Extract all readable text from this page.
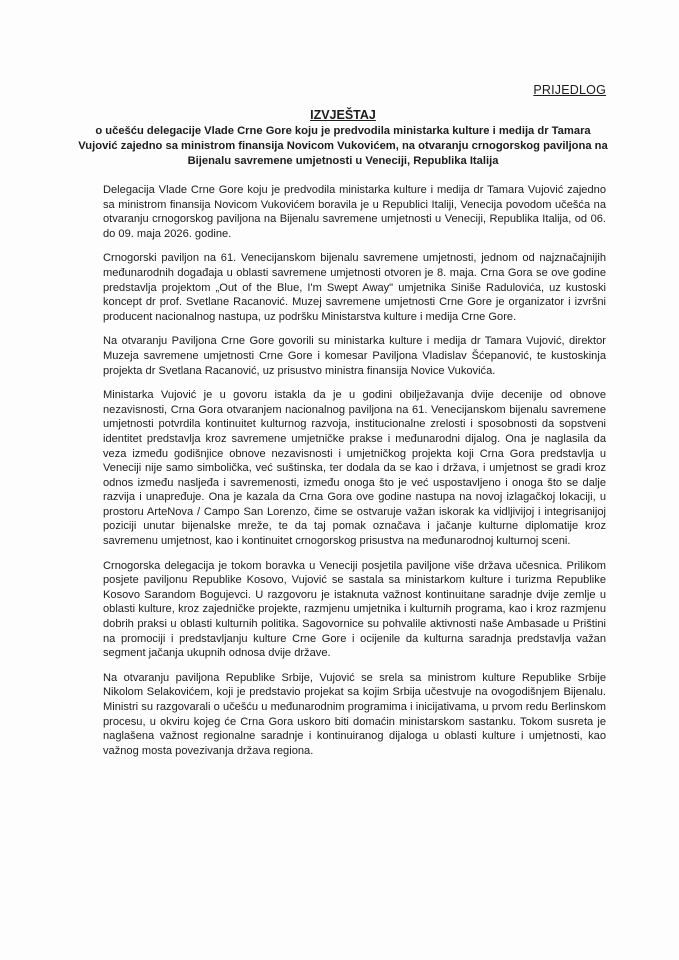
PRIJEDLOG
IZVJEŠTAJ
o učešću delegacije Vlade Crne Gore koju je predvodila ministarka kulture i medija dr Tamara Vujović zajedno sa ministrom finansija Novicom Vukovićem, na otvaranju crnogorskog paviljona na Bijenalu savremene umjetnosti u Veneciji, Republika Italija

Delegacija Vlade Crne Gore koju je predvodila ministarka kulture i medija dr Tamara Vujović zajedno sa ministrom finansija Novicom Vukovićem boravila je u Republici Italiji, Venecija povodom učešća na otvaranju crnogorskog paviljona na Bijenalu savremene umjetnosti u Veneciji, Republika Italija, od 06. do 09. maja 2026. godine.

Crnogorski paviljon na 61. Venecijanskom bijenalu savremene umjetnosti, jednom od najznačajnijih međunarodnih događaja u oblasti savremene umjetnosti otvoren je 8. maja. Crna Gora se ove godine predstavlja projektom „Out of the Blue, I'm Swept Away" umjetnika Siniše Radulovića, uz kustoski koncept dr prof. Svetlane Racanović. Muzej savremene umjetnosti Crne Gore je organizator i izvršni producent nacionalnog nastupa, uz podršku Ministarstva kulture i medija Crne Gore.

Na otvaranju Paviljona Crne Gore govorili su ministarka kulture i medija dr Tamara Vujović, direktor Muzeja savremene umjetnosti Crne Gore i komesar Paviljona Vladislav Šćepanović, te kustoskinja projekta dr Svetlana Racanović, uz prisustvo ministra finansija Novice Vukovića.

Ministarka Vujović je u govoru istakla da je u godini obilježavanja dvije decenije od obnove nezavisnosti, Crna Gora otvaranjem nacionalnog paviljona na 61. Venecijanskom bijenalu savremene umjetnosti potvrdila kontinuitet kulturnog razvoja, institucionalne zrelosti i sposobnosti da sopstveni identitet predstavlja kroz savremene umjetničke prakse i međunarodni dijalog. Ona je naglasila da veza između godišnjice obnove nezavisnosti i umjetničkog projekta koji Crna Gora predstavlja u Veneciji nije samo simbolička, već suštinska, ter dodala da se kao i država, i umjetnost se gradi kroz odnos između nasljeđa i savremenosti, između onoga što je već uspostavljeno i onoga što se dalje razvija i unapređuje. Ona je kazala da Crna Gora ove godine nastupa na novoj izlagačkoj lokaciji, u prostoru ArteNova / Campo San Lorenzo, čime se ostvaruje važan iskorak ka vidljivijoj i integrisanijoj poziciji unutar bijenalske mreže, te da taj pomak označava i jačanje kulturne diplomatije kroz savremenu umjetnost, kao i kontinuitet crnogorskog prisustva na međunarodnoj kulturnoj sceni.

Crnogorska delegacija je tokom boravka u Veneciji posjetila paviljone više država učesnica. Prilikom posjete paviljonu Republike Kosovo, Vujović se sastala sa ministarkom kulture i turizma Republike Kosovo Sarandom Bogujevci. U razgovoru je istaknuta važnost kontinuitane saradnje dvije zemlje u oblasti kulture, kroz zajedničke projekte, razmjenu umjetnika i kulturnih programa, kao i kroz razmjenu dobrih praksi u oblasti kulturnih politika. Sagovornice su pohvalile aktivnosti naše Ambasade u Prištini na promociji i predstavljanju kulture Crne Gore i ocijenile da kulturna saradnja predstavlja važan segment jačanja ukupnih odnosa dvije države.

Na otvaranju paviljona Republike Srbije, Vujović se srela sa ministrom kulture Republike Srbije Nikolom Selakovićem, koji je predstavio projekat sa kojim Srbija učestvuje na ovogodišnjem Bijenalu. Ministri su razgovarali o učešću u međunarodnim programima i inicijativama, u prvom redu Berlinskom procesu, u okviru kojeg će Crna Gora uskoro biti domaćin ministarskom sastanku. Tokom susreta je naglašena važnost regionalne saradnje i kontinuiranog dijaloga u oblasti kulture i umjetnosti, kao važnog mosta povezivanja država regiona.
